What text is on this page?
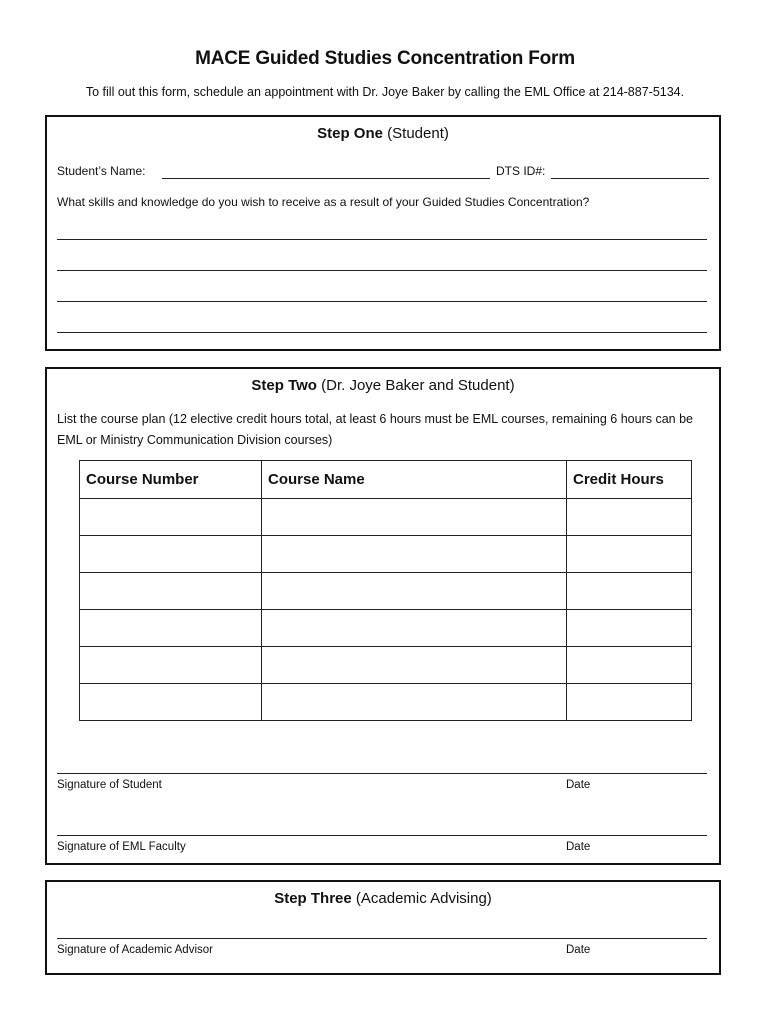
MACE Guided Studies Concentration Form
To fill out this form, schedule an appointment with Dr. Joye Baker by calling the EML Office at 214-887-5134.
Step One (Student)
Student’s Name:	DTS ID#:
What skills and knowledge do you wish to receive as a result of your Guided Studies Concentration?
Step Two (Dr. Joye Baker and Student)
List the course plan (12 elective credit hours total, at least 6 hours must be EML courses, remaining 6 hours can be EML or Ministry Communication Division courses)
Course Number	Course Name	Credit Hours

Signature of Student	Date
Signature of EML Faculty	Date
Step Three (Academic Advising)
Signature of Academic Advisor	Date
